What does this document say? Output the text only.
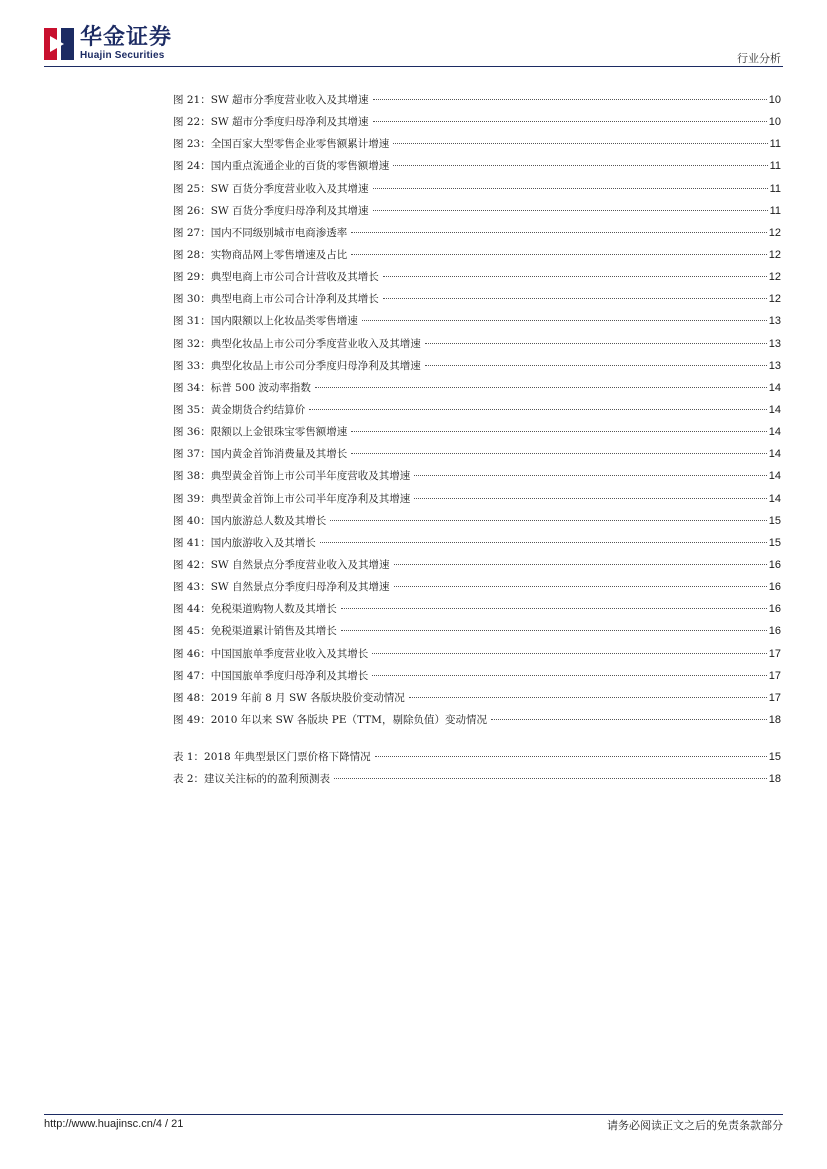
华金证券
Huajin Securities	行业分析
图 21：SW 超市分季度营业收入及其增速	10
图 22：SW 超市分季度归母净利及其增速	10
图 23：全国百家大型零售企业零售额累计增速	11
图 24：国内重点流通企业的百货的零售额增速	11
图 25：SW 百货分季度营业收入及其增速	11
图 26：SW 百货分季度归母净利及其增速	11
图 27：国内不同级别城市电商渗透率	12
图 28：实物商品网上零售增速及占比	12
图 29：典型电商上市公司合计营收及其增长	12
图 30：典型电商上市公司合计净利及其增长	12
图 31：国内限额以上化妆品类零售增速	13
图 32：典型化妆品上市公司分季度营业收入及其增速	13
图 33：典型化妆品上市公司分季度归母净利及其增速	13
图 34：标普 500 波动率指数	14
图 35：黄金期货合约结算价	14
图 36：限额以上金银珠宝零售额增速	14
图 37：国内黄金首饰消费量及其增长	14
图 38：典型黄金首饰上市公司半年度营收及其增速	14
图 39：典型黄金首饰上市公司半年度净利及其增速	14
图 40：国内旅游总人数及其增长	15
图 41：国内旅游收入及其增长	15
图 42：SW 自然景点分季度营业收入及其增速	16
图 43：SW 自然景点分季度归母净利及其增速	16
图 44：免税渠道购物人数及其增长	16
图 45：免税渠道累计销售及其增长	16
图 46：中国国旅单季度营业收入及其增长	17
图 47：中国国旅单季度归母净利及其增长	17
图 48：2019 年前 8 月 SW 各版块股价变动情况	17
图 49：2010 年以来 SW 各版块 PE（TTM，剔除负值）变动情况	18
表 1：2018 年典型景区门票价格下降情况	15
表 2：建议关注标的的盈利预测表	18
http://www.huajinsc.cn/4 / 21	请务必阅读正文之后的免责条款部分
